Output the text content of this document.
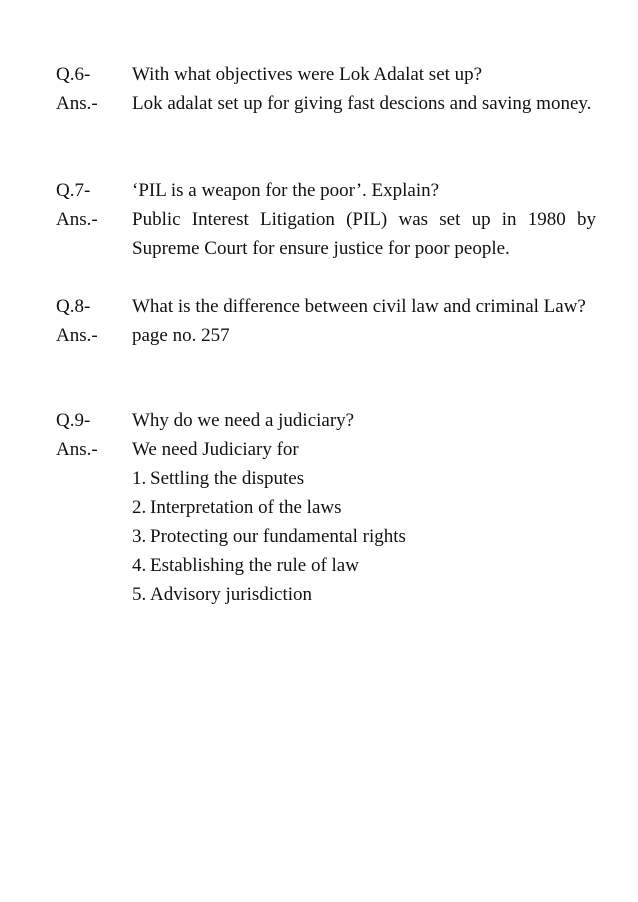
Q.6-	With what objectives were Lok Adalat set up?
Ans.-	Lok adalat set up for giving fast descions and saving money.
Q.7-	‘PIL is a weapon for the poor’. Explain?
Ans.-	Public Interest Litigation (PIL) was set up in 1980 by Supreme Court for ensure justice for poor people.
Q.8-	What is the difference between civil law and criminal Law?
Ans.-	page no. 257
Q.9-	Why do we need a judiciary?
Ans.-	We need Judiciary for
1. Settling the disputes
2. Interpretation of the laws
3. Protecting our fundamental rights
4. Establishing the rule of law
5. Advisory jurisdiction
